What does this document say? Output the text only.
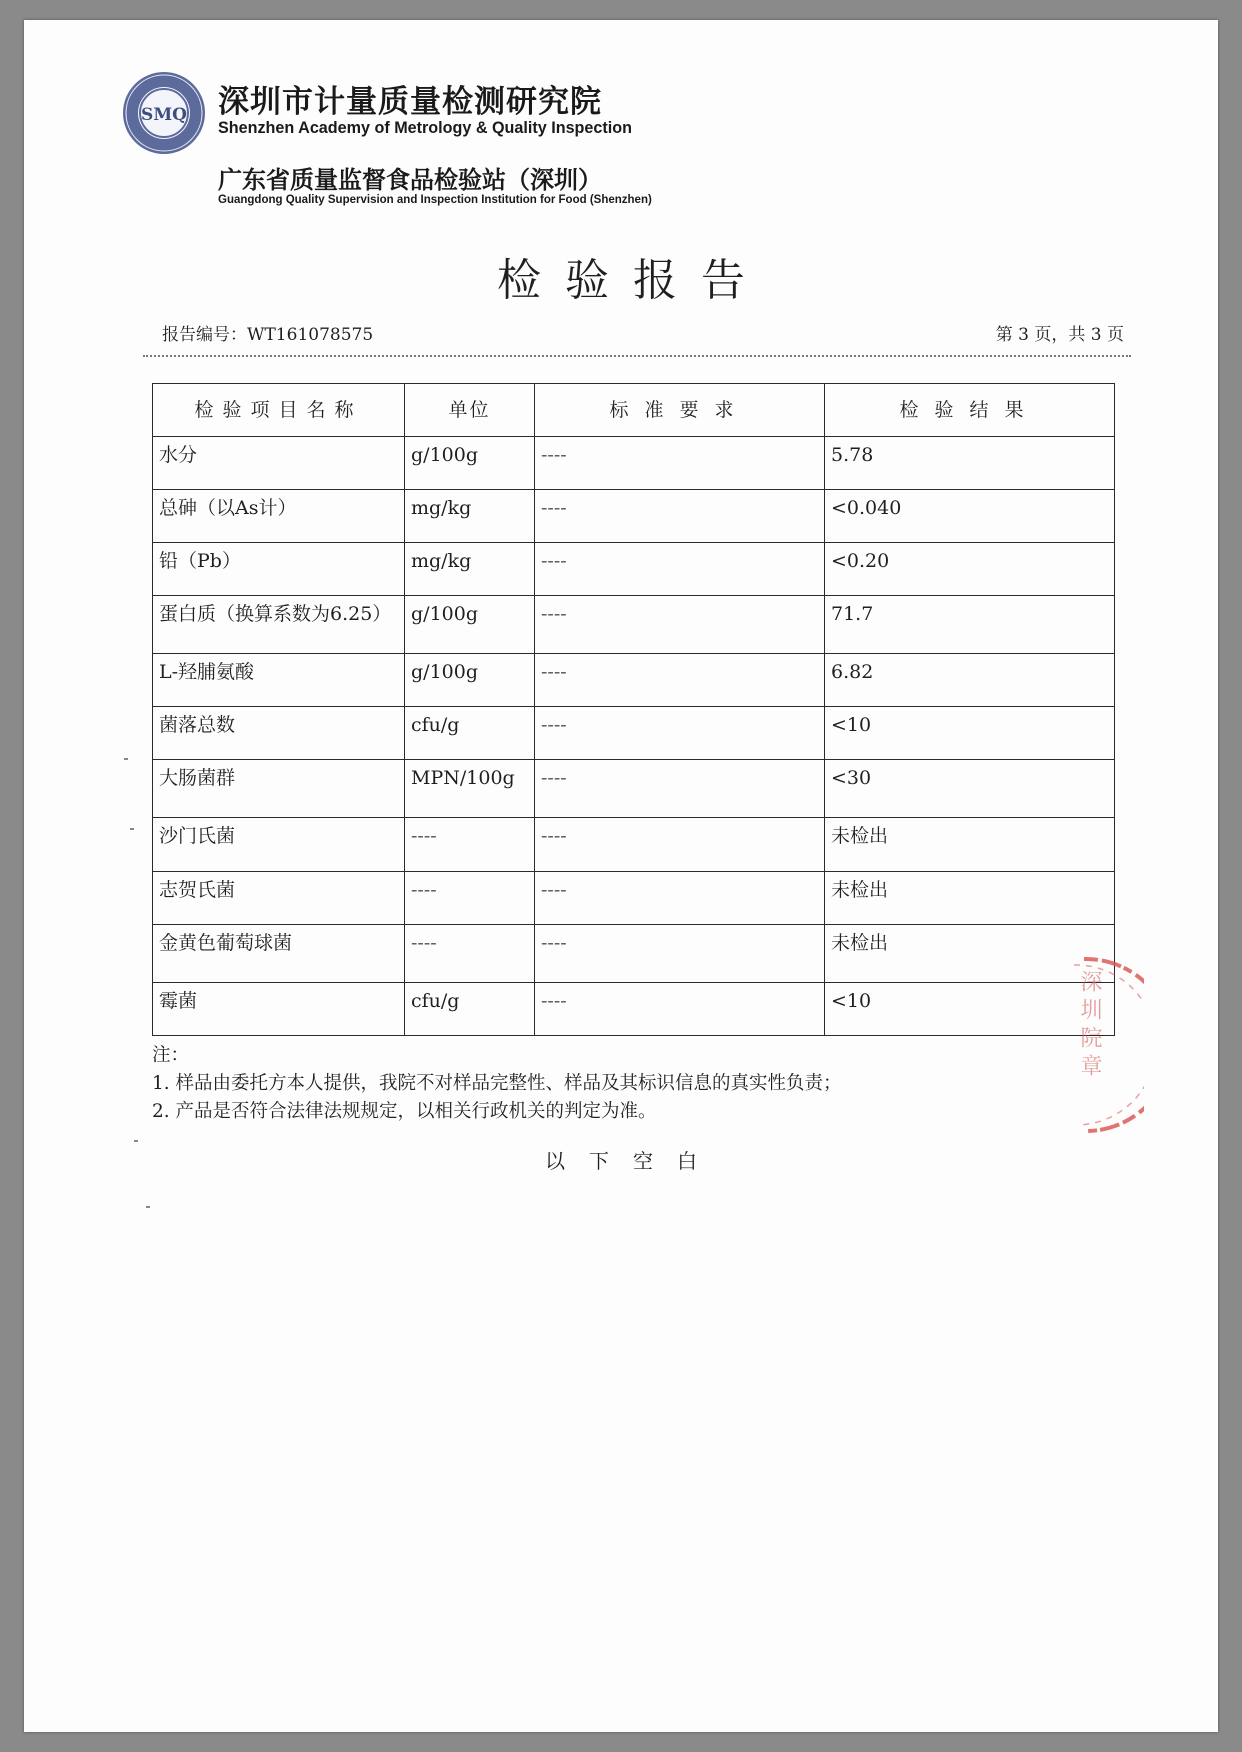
SMQ 深圳市计量质量检测研究院
Shenzhen Academy of Metrology & Quality Inspection
广东省质量监督食品检验站（深圳）
Guangdong Quality Supervision and Inspection Institution for Food (Shenzhen)
检验报告
报告编号：WT161078575	第 3 页，共 3 页
检验项目名称	单位	标准要求	检验结果
水分	g/100g	----	5.78
总砷（以As计）	mg/kg	----	<0.040
铅（Pb）	mg/kg	----	<0.20
蛋白质（换算系数为6.25）	g/100g	----	71.7
L-羟脯氨酸	g/100g	----	6.82
菌落总数	cfu/g	----	<10
大肠菌群	MPN/100g	----	<30
沙门氏菌	----	----	未检出
志贺氏菌	----	----	未检出
金黄色葡萄球菌	----	----	未检出
霉菌	cfu/g	----	<10
注：
1. 样品由委托方本人提供，我院不对样品完整性、样品及其标识信息的真实性负责；
2. 产品是否符合法律法规规定，以相关行政机关的判定为准。
以下空白
深圳院章
